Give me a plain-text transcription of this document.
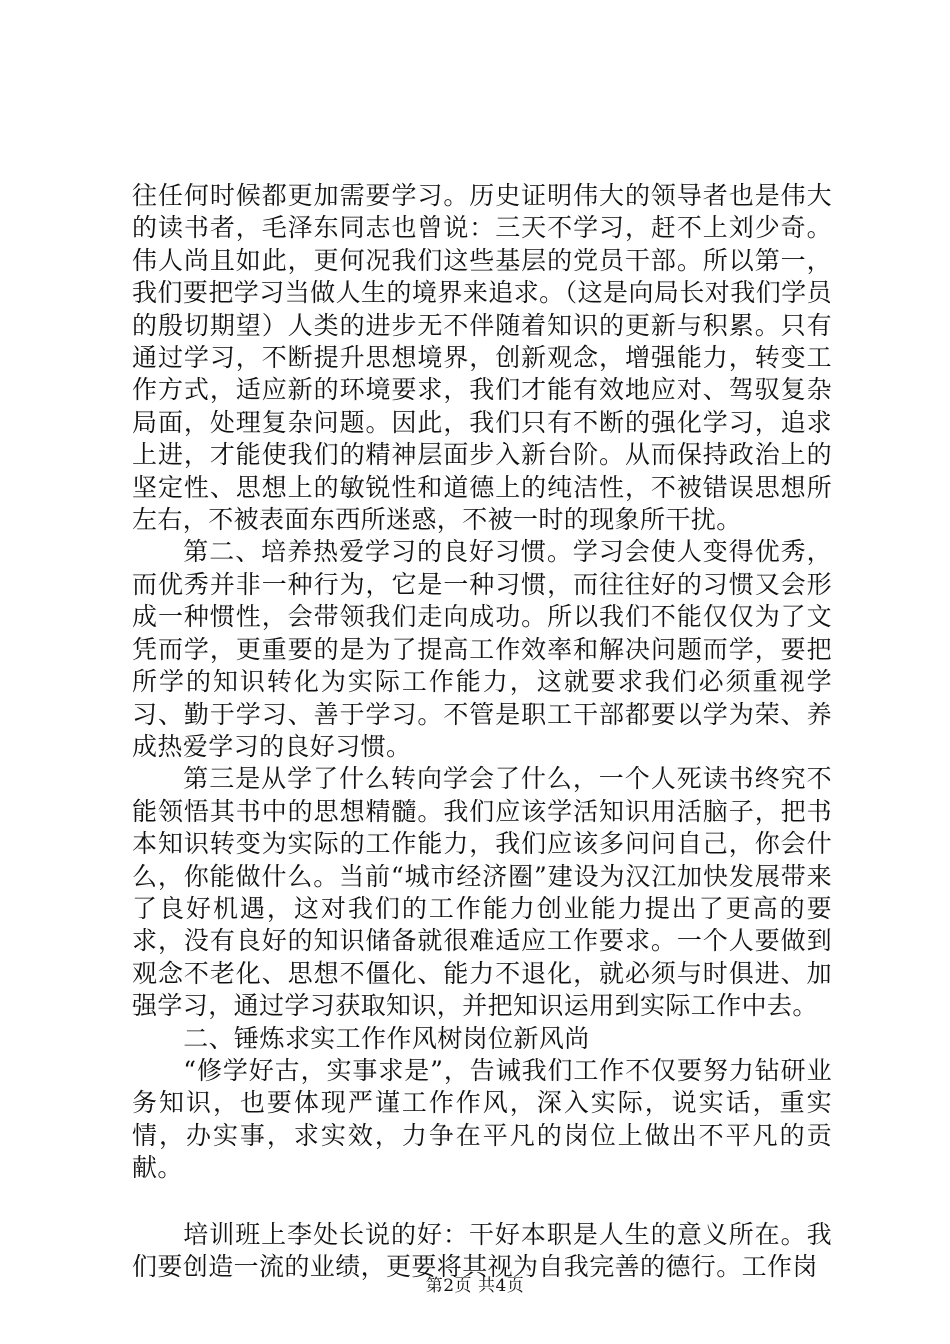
往任何时候都更加需要学习。历史证明伟大的领导者也是伟大的读书者，毛泽东同志也曾说：三天不学习，赶不上刘少奇。伟人尚且如此，更何况我们这些基层的党员干部。所以第一，我们要把学习当做人生的境界来追求。（这是向局长对我们学员的殷切期望）人类的进步无不伴随着知识的更新与积累。只有通过学习，不断提升思想境界，创新观念，增强能力，转变工作方式，适应新的环境要求，我们才能有效地应对、驾驭复杂局面，处理复杂问题。因此，我们只有不断的强化学习，追求上进，才能使我们的精神层面步入新台阶。从而保持政治上的坚定性、思想上的敏锐性和道德上的纯洁性，不被错误思想所左右，不被表面东西所迷惑，不被一时的现象所干扰。

第二、培养热爱学习的良好习惯。学习会使人变得优秀，而优秀并非一种行为，它是一种习惯，而往往好的习惯又会形成一种惯性，会带领我们走向成功。所以我们不能仅仅为了文凭而学，更重要的是为了提高工作效率和解决问题而学，要把所学的知识转化为实际工作能力，这就要求我们必须重视学习、勤于学习、善于学习。不管是职工干部都要以学为荣、养成热爱学习的良好习惯。

第三是从学了什么转向学会了什么，一个人死读书终究不能领悟其书中的思想精髓。我们应该学活知识用活脑子，把书本知识转变为实际的工作能力，我们应该多问问自己，你会什么，你能做什么。当前“城市经济圈”建设为汉江加快发展带来了良好机遇，这对我们的工作能力创业能力提出了更高的要求，没有良好的知识储备就很难适应工作要求。一个人要做到观念不老化、思想不僵化、能力不退化，就必须与时俱进、加强学习，通过学习获取知识，并把知识运用到实际工作中去。

二、锤炼求实工作作风树岗位新风尚

“修学好古，实事求是”，告诫我们工作不仅要努力钻研业务知识，也要体现严谨工作作风，深入实际，说实话，重实情，办实事，求实效，力争在平凡的岗位上做出不平凡的贡献。

培训班上李处长说的好：干好本职是人生的意义所在。我们要创造一流的业绩，更要将其视为自我完善的德行。工作岗

第2页 共4页
